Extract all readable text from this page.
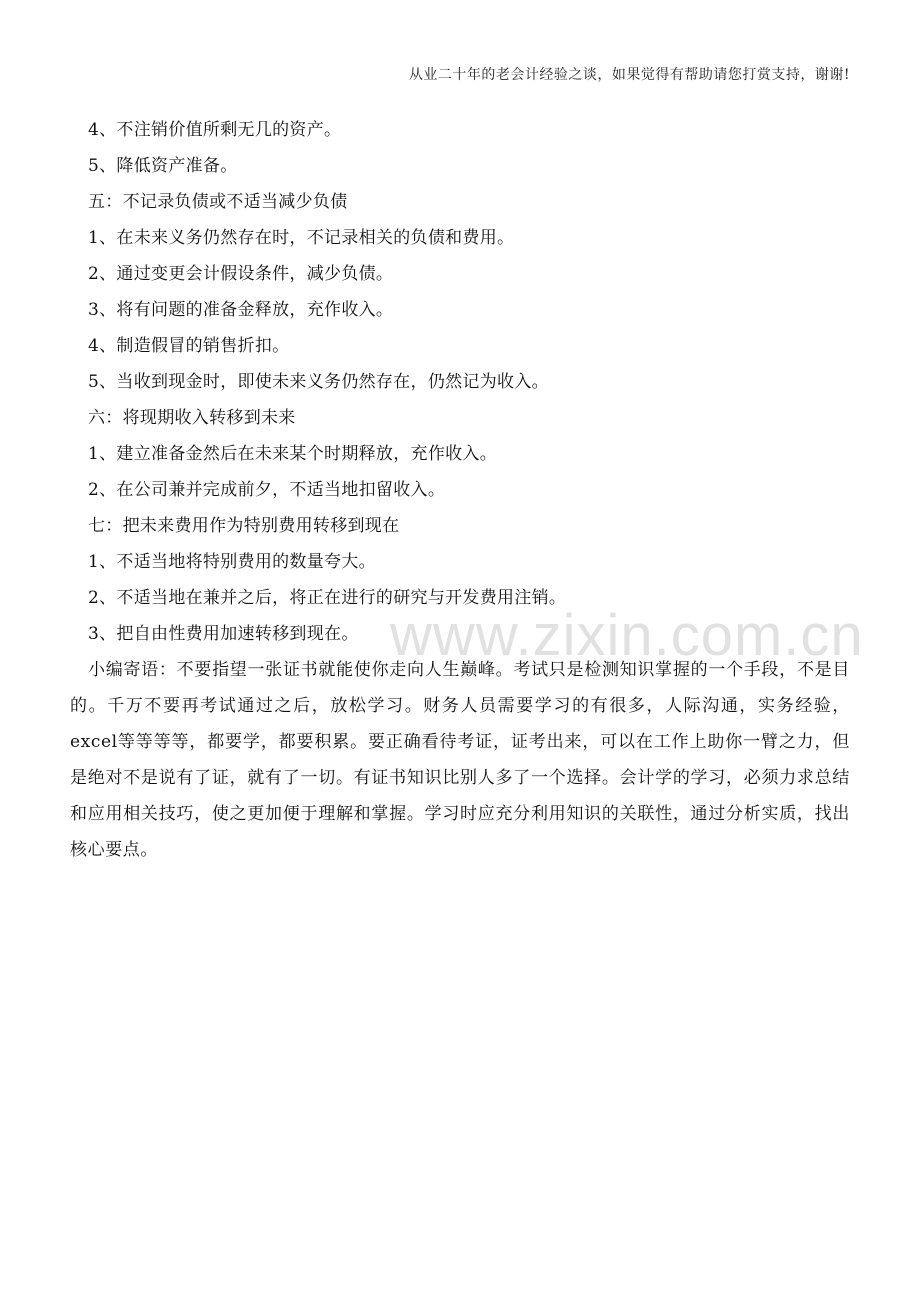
从业二十年的老会计经验之谈，如果觉得有帮助请您打赏支持，谢谢!
4、不注销价值所剩无几的资产。
5、降低资产准备。
五：不记录负债或不适当减少负债
1、在未来义务仍然存在时，不记录相关的负债和费用。
2、通过变更会计假设条件，减少负债。
3、将有问题的准备金释放，充作收入。
4、制造假冒的销售折扣。
5、当收到现金时，即使未来义务仍然存在，仍然记为收入。
六：将现期收入转移到未来
1、建立准备金然后在未来某个时期释放，充作收入。
2、在公司兼并完成前夕，不适当地扣留收入。
七：把未来费用作为特别费用转移到现在
1、不适当地将特别费用的数量夸大。
2、不适当地在兼并之后，将正在进行的研究与开发费用注销。
3、把自由性费用加速转移到现在。

小编寄语：不要指望一张证书就能使你走向人生巅峰。考试只是检测知识掌握的一个手段，不是目的。千万不要再考试通过之后，放松学习。财务人员需要学习的有很多，人际沟通，实务经验，excel等等等等，都要学，都要积累。要正确看待考证，证考出来，可以在工作上助你一臂之力，但是绝对不是说有了证，就有了一切。有证书知识比别人多了一个选择。会计学的学习，必须力求总结和应用相关技巧，使之更加便于理解和掌握。学习时应充分利用知识的关联性，通过分析实质，找出核心要点。

www.zixin.com.cn
